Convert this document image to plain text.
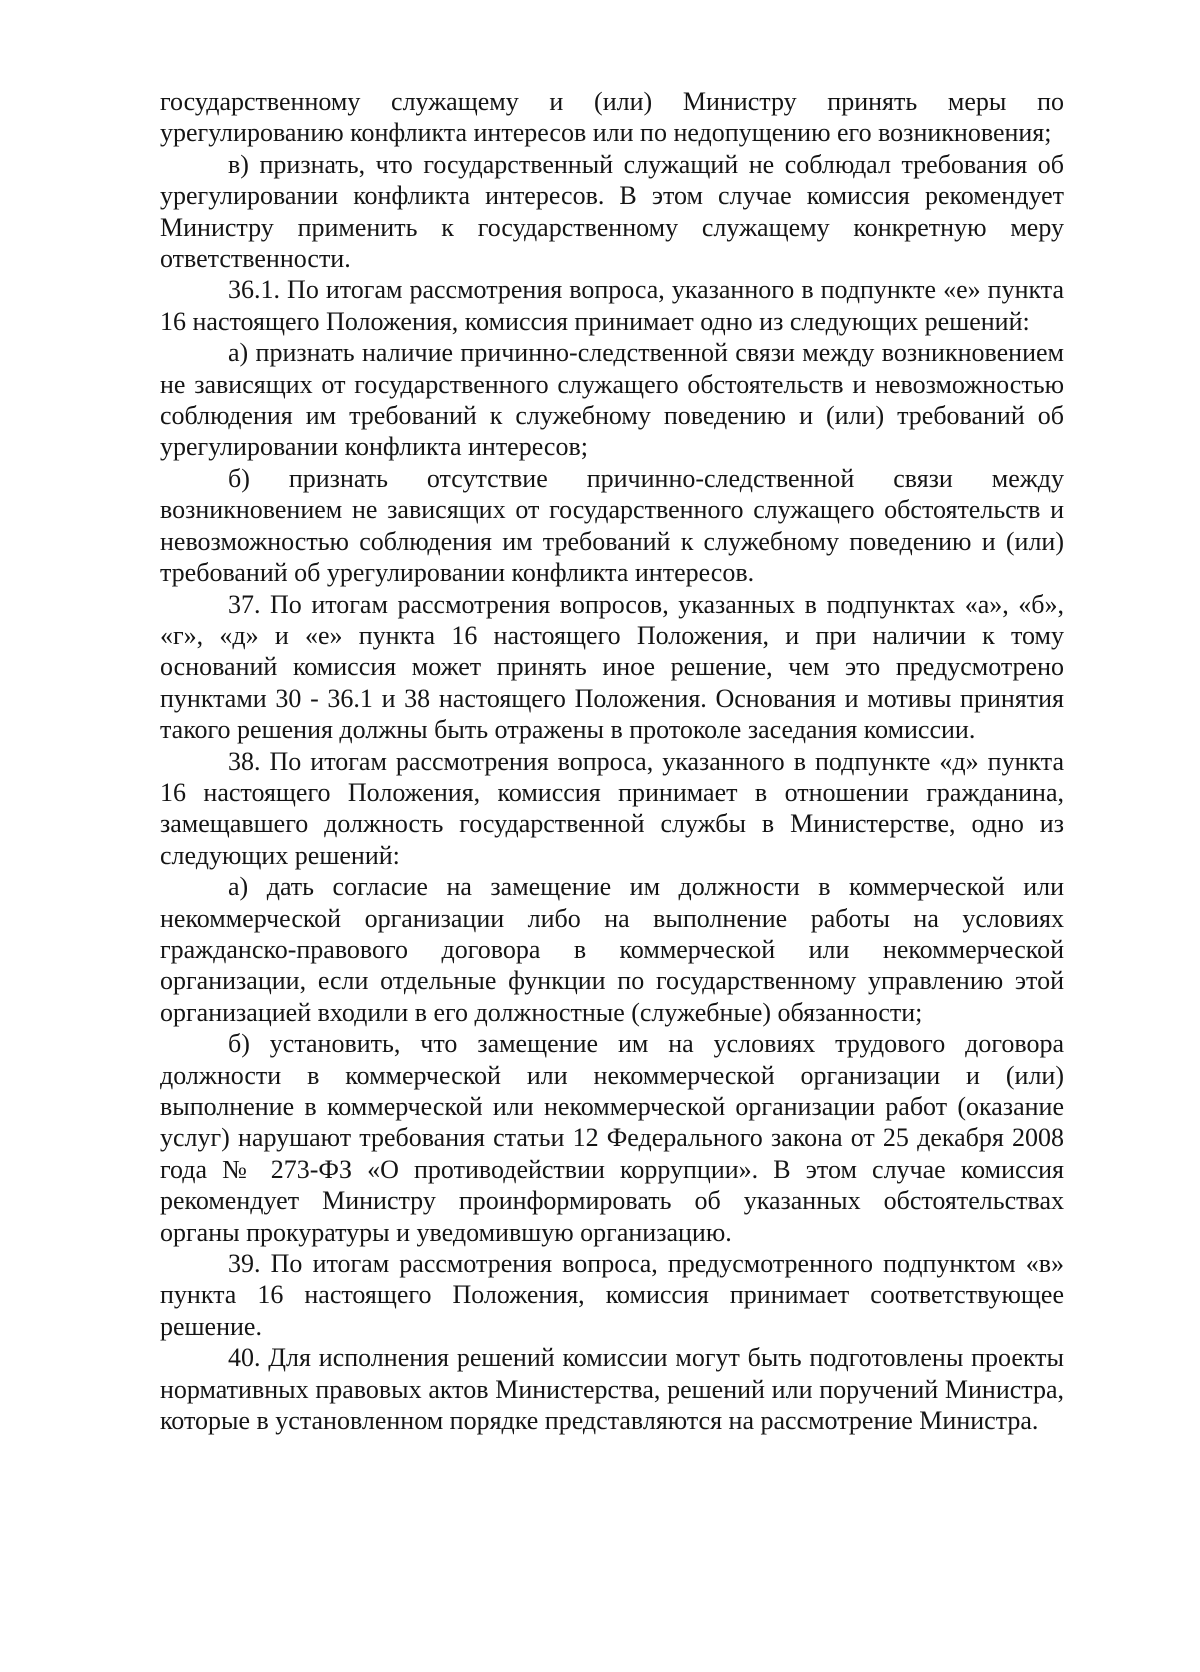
государственному служащему и (или) Министру принять меры по урегулированию конфликта интересов или по недопущению его возникновения;

в) признать, что государственный служащий не соблюдал требования об урегулировании конфликта интересов. В этом случае комиссия рекомендует Министру применить к государственному служащему конкретную меру ответственности.

36.1. По итогам рассмотрения вопроса, указанного в подпункте «е» пункта 16 настоящего Положения, комиссия принимает одно из следующих решений:

а) признать наличие причинно-следственной связи между возникновением не зависящих от государственного служащего обстоятельств и невозможностью соблюдения им требований к служебному поведению и (или) требований об урегулировании конфликта интересов;

б) признать отсутствие причинно-следственной связи между возникновением не зависящих от государственного служащего обстоятельств и невозможностью соблюдения им требований к служебному поведению и (или) требований об урегулировании конфликта интересов.

37. По итогам рассмотрения вопросов, указанных в подпунктах «а», «б», «г», «д» и «е» пункта 16 настоящего Положения, и при наличии к тому оснований комиссия может принять иное решение, чем это предусмотрено пунктами 30 - 36.1 и 38 настоящего Положения. Основания и мотивы принятия такого решения должны быть отражены в протоколе заседания комиссии.

38. По итогам рассмотрения вопроса, указанного в подпункте «д» пункта 16 настоящего Положения, комиссия принимает в отношении гражданина, замещавшего должность государственной службы в Министерстве, одно из следующих решений:

а) дать согласие на замещение им должности в коммерческой или некоммерческой организации либо на выполнение работы на условиях гражданско-правового договора в коммерческой или некоммерческой организации, если отдельные функции по государственному управлению этой организацией входили в его должностные (служебные) обязанности;

б) установить, что замещение им на условиях трудового договора должности в коммерческой или некоммерческой организации и (или) выполнение в коммерческой или некоммерческой организации работ (оказание услуг) нарушают требования статьи 12 Федерального закона от 25 декабря 2008 года № 273-ФЗ «О противодействии коррупции». В этом случае комиссия рекомендует Министру проинформировать об указанных обстоятельствах органы прокуратуры и уведомившую организацию.

39. По итогам рассмотрения вопроса, предусмотренного подпунктом «в» пункта 16 настоящего Положения, комиссия принимает соответствующее решение.

40. Для исполнения решений комиссии могут быть подготовлены проекты нормативных правовых актов Министерства, решений или поручений Министра, которые в установленном порядке представляются на рассмотрение Министра.
